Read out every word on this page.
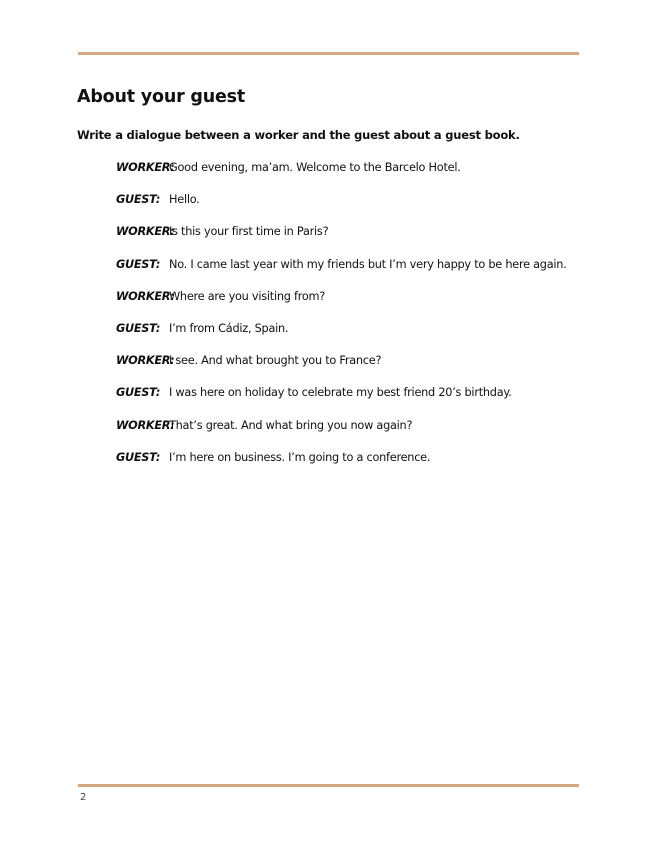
About your guest

Write a dialogue between a worker and the guest about a guest book.

WORKER:
Good evening, ma’am. Welcome to the Barcelo Hotel.
GUEST: Hello.
WORKER:
Is this your first time in Paris?
GUEST: No. I came last year with my friends but I’m very happy to be here again.
WORKER:
Where are you visiting from?
GUEST: I’m from Cádiz, Spain.
WORKER:
I see. And what brought you to France?
GUEST: I was here on holiday to celebrate my best friend 20’s birthday.
WORKER:
That’s great. And what bring you now again?
GUEST: I’m here on business. I’m going to a conference.
2
